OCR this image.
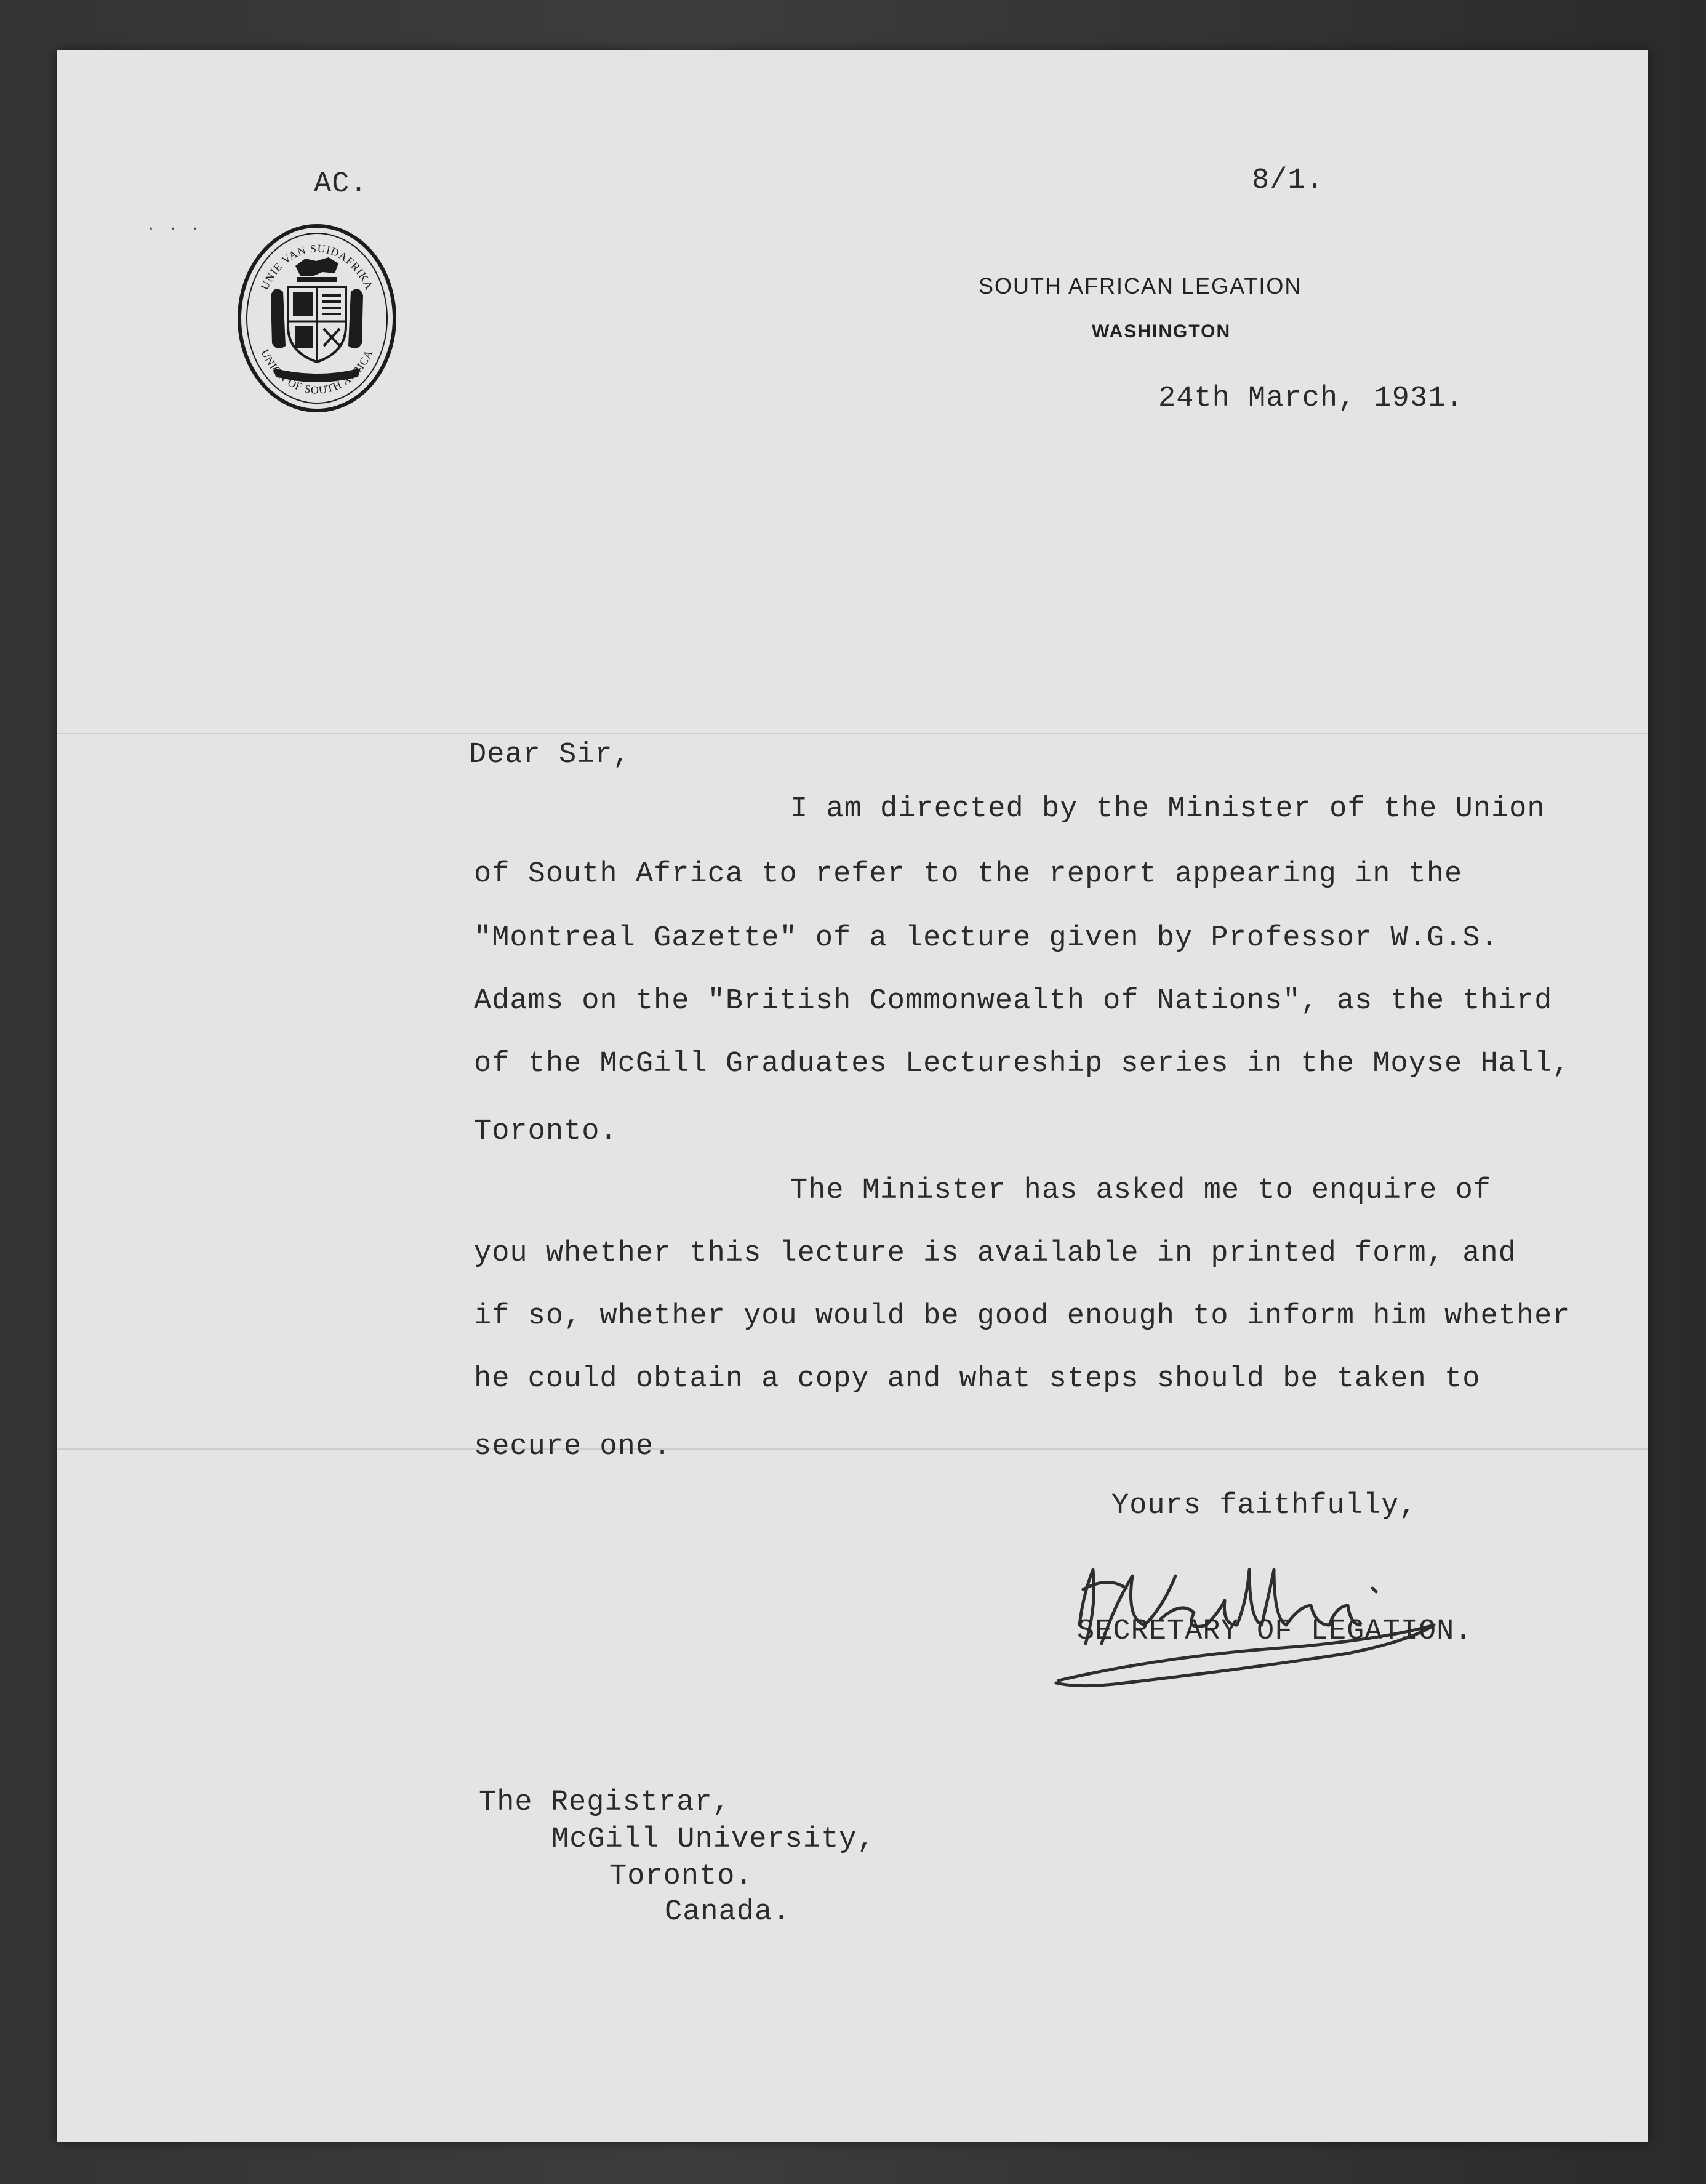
AC.	8/1.
· · ·
UNIE VAN SUIDAFRIKA
UNION OF SOUTH AFRICA
SOUTH AFRICAN LEGATION
WASHINGTON
24th March, 1931.
Dear Sir,
I am directed by the Minister of the Union
of South Africa to refer to the report appearing in the
"Montreal Gazette" of a lecture given by Professor W.G.S.
Adams on the "British Commonwealth of Nations", as the third
of the McGill Graduates Lectureship series in the Moyse Hall,
Toronto.
The Minister has asked me to enquire of
you whether this lecture is available in printed form, and
if so, whether you would be good enough to inform him whether
he could obtain a copy and what steps should be taken to
secure one.
Yours faithfully,
SECRETARY OF LEGATION.
The Registrar,
McGill University,
Toronto.
Canada.
